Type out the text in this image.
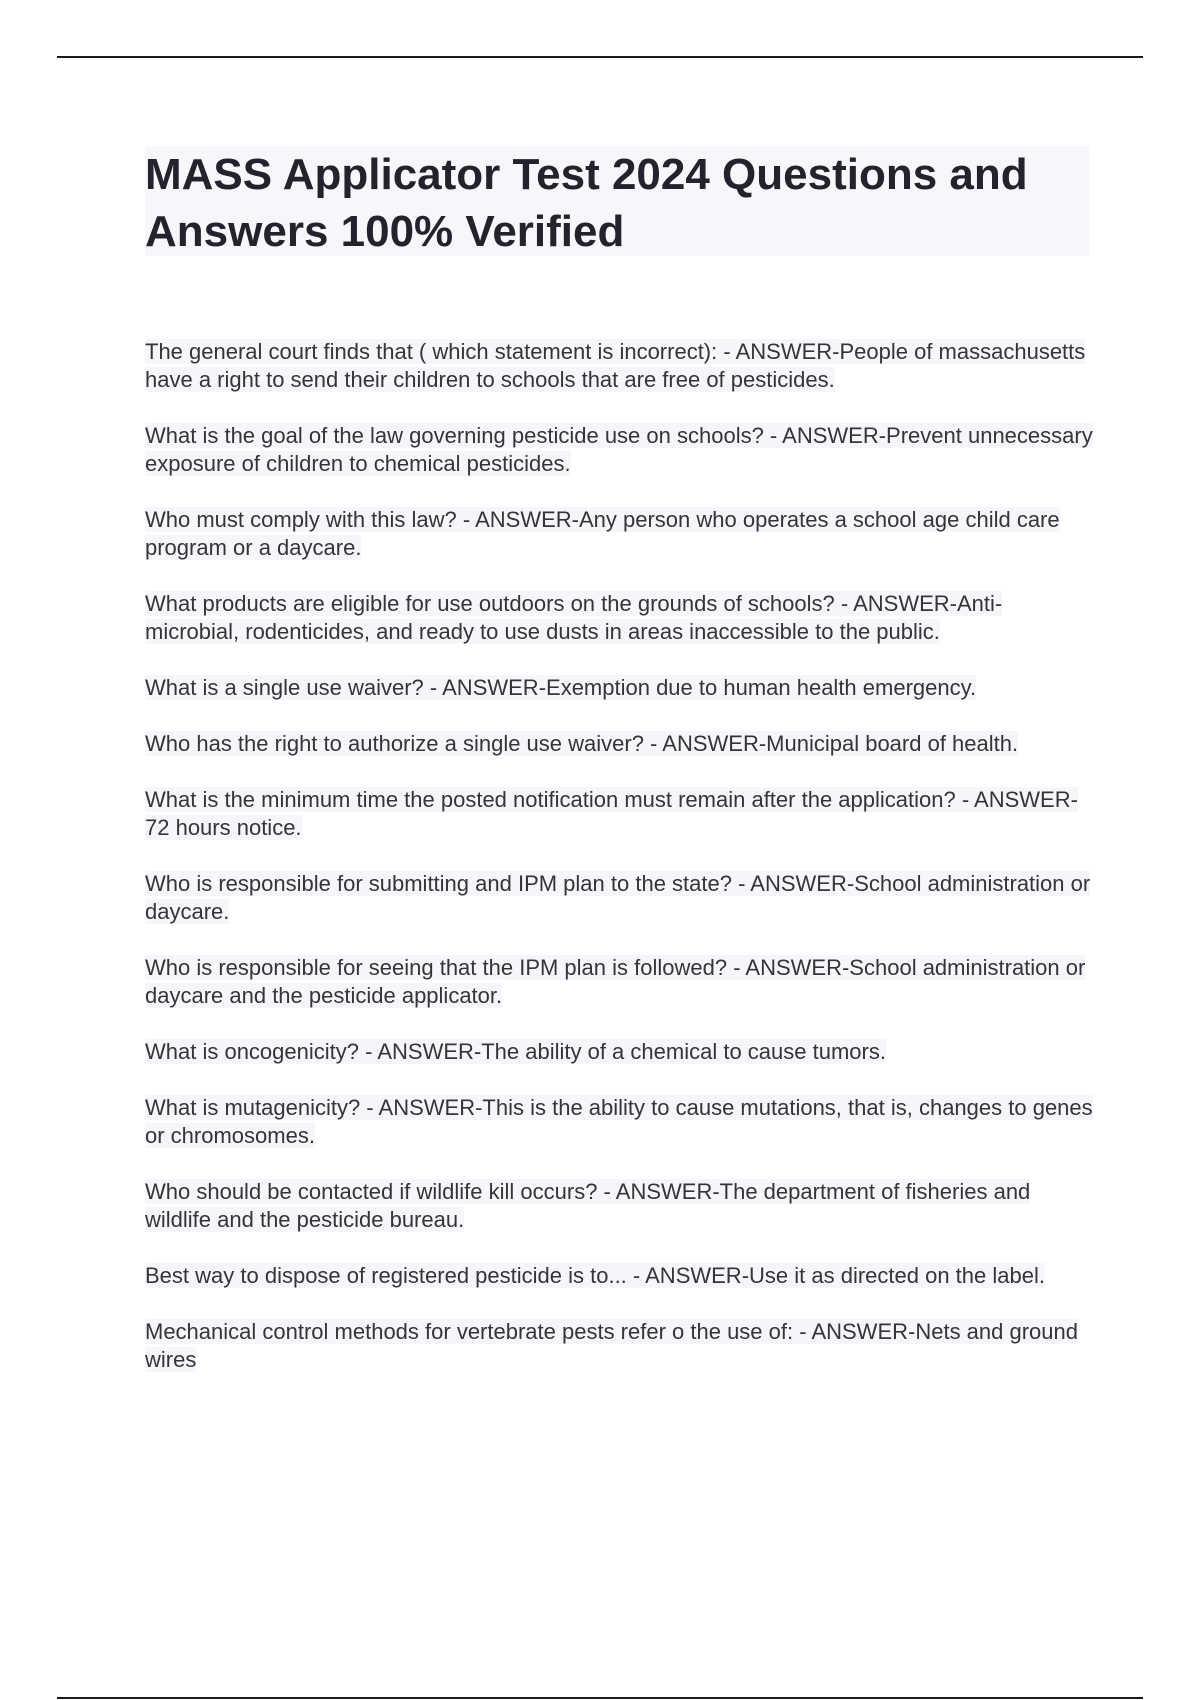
MASS Applicator Test 2024 Questions and Answers 100% Verified

The general court finds that ( which statement is incorrect): - ANSWER-People of massachusetts have a right to send their children to schools that are free of pesticides.

What is the goal of the law governing pesticide use on schools? - ANSWER-Prevent unnecessary exposure of children to chemical pesticides.

Who must comply with this law? - ANSWER-Any person who operates a school age child care program or a daycare.

What products are eligible for use outdoors on the grounds of schools? - ANSWER-Anti-microbial, rodenticides, and ready to use dusts in areas inaccessible to the public.

What is a single use waiver? - ANSWER-Exemption due to human health emergency.

Who has the right to authorize a single use waiver? - ANSWER-Municipal board of health.

What is the minimum time the posted notification must remain after the application? - ANSWER-72 hours notice.

Who is responsible for submitting and IPM plan to the state? - ANSWER-School administration or daycare.

Who is responsible for seeing that the IPM plan is followed? - ANSWER-School administration or daycare and the pesticide applicator.

What is oncogenicity? - ANSWER-The ability of a chemical to cause tumors.

What is mutagenicity? - ANSWER-This is the ability to cause mutations, that is, changes to genes or chromosomes.

Who should be contacted if wildlife kill occurs? - ANSWER-The department of fisheries and wildlife and the pesticide bureau.

Best way to dispose of registered pesticide is to... - ANSWER-Use it as directed on the label.

Mechanical control methods for vertebrate pests refer o the use of: - ANSWER-Nets and ground wires
